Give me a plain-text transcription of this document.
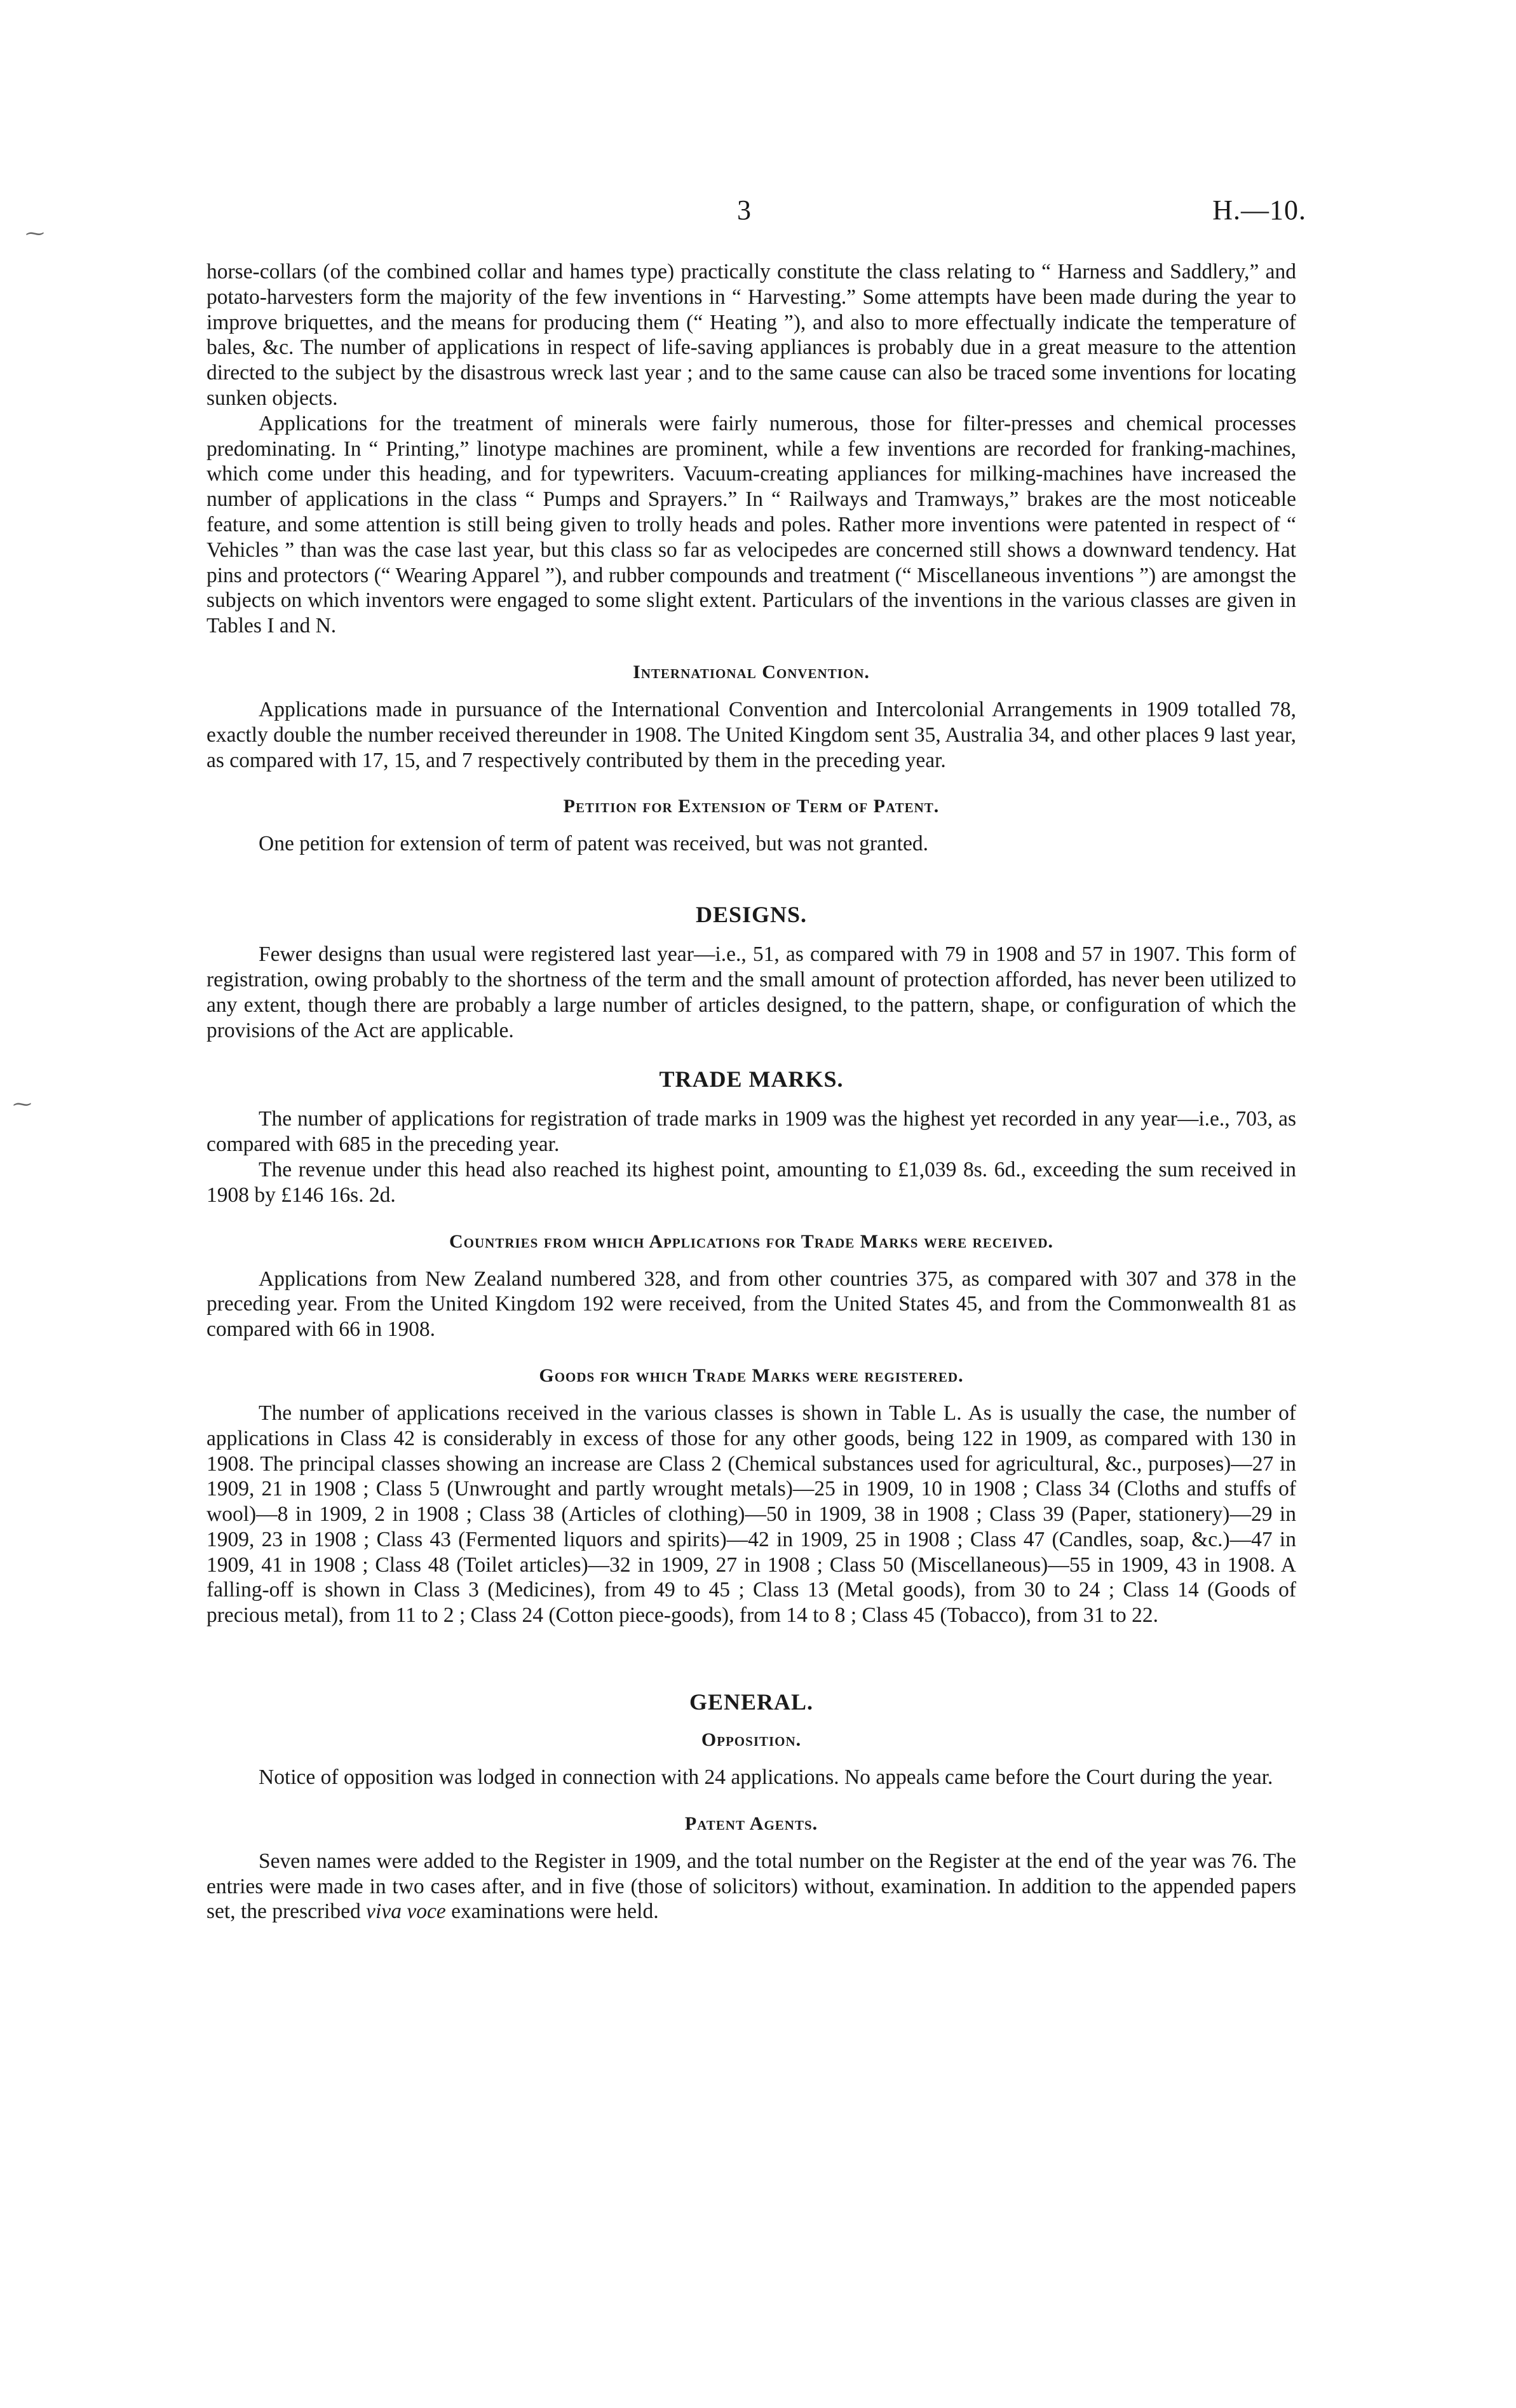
3	H.—10.
⁓
⁓

horse-collars (of the combined collar and hames type) practically constitute the class relating to “ Harness and Saddlery,” and potato-harvesters form the majority of the few inventions in “ Harvesting.” Some attempts have been made during the year to improve briquettes, and the means for producing them (“ Heating ”), and also to more effectually indicate the temperature of bales, &c. The number of applications in respect of life-saving appliances is probably due in a great measure to the attention directed to the subject by the disastrous wreck last year ; and to the same cause can also be traced some inventions for locating sunken objects.

Applications for the treatment of minerals were fairly numerous, those for filter-presses and chemical processes predominating. In “ Printing,” linotype machines are prominent, while a few inventions are recorded for franking-machines, which come under this heading, and for typewriters. Vacuum-creating appliances for milking-machines have increased the number of applications in the class “ Pumps and Sprayers.” In “ Railways and Tramways,” brakes are the most noticeable feature, and some attention is still being given to trolly heads and poles. Rather more inventions were patented in respect of “ Vehicles ” than was the case last year, but this class so far as velocipedes are concerned still shows a downward tendency. Hat pins and protectors (“ Wearing Apparel ”), and rubber compounds and treatment (“ Miscellaneous inventions ”) are amongst the subjects on which inventors were engaged to some slight extent. Particulars of the inventions in the various classes are given in Tables I and N.

International Convention.

Applications made in pursuance of the International Convention and Intercolonial Arrangements in 1909 totalled 78, exactly double the number received thereunder in 1908. The United Kingdom sent 35, Australia 34, and other places 9 last year, as compared with 17, 15, and 7 respectively contributed by them in the preceding year.

Petition for Extension of Term of Patent.

One petition for extension of term of patent was received, but was not granted.

DESIGNS.

Fewer designs than usual were registered last year—i.e., 51, as compared with 79 in 1908 and 57 in 1907. This form of registration, owing probably to the shortness of the term and the small amount of protection afforded, has never been utilized to any extent, though there are probably a large number of articles designed, to the pattern, shape, or configuration of which the provisions of the Act are applicable.

TRADE MARKS.

The number of applications for registration of trade marks in 1909 was the highest yet recorded in any year—i.e., 703, as compared with 685 in the preceding year.

The revenue under this head also reached its highest point, amounting to £1,039 8s. 6d., exceeding the sum received in 1908 by £146 16s. 2d.

Countries from which Applications for Trade Marks were received.

Applications from New Zealand numbered 328, and from other countries 375, as compared with 307 and 378 in the preceding year. From the United Kingdom 192 were received, from the United States 45, and from the Commonwealth 81 as compared with 66 in 1908.

Goods for which Trade Marks were registered.

The number of applications received in the various classes is shown in Table L. As is usually the case, the number of applications in Class 42 is considerably in excess of those for any other goods, being 122 in 1909, as compared with 130 in 1908. The principal classes showing an increase are Class 2 (Chemical substances used for agricultural, &c., purposes)—27 in 1909, 21 in 1908 ; Class 5 (Unwrought and partly wrought metals)—25 in 1909, 10 in 1908 ; Class 34 (Cloths and stuffs of wool)—8 in 1909, 2 in 1908 ; Class 38 (Articles of clothing)—50 in 1909, 38 in 1908 ; Class 39 (Paper, stationery)—29 in 1909, 23 in 1908 ; Class 43 (Fermented liquors and spirits)—42 in 1909, 25 in 1908 ; Class 47 (Candles, soap, &c.)—47 in 1909, 41 in 1908 ; Class 48 (Toilet articles)—32 in 1909, 27 in 1908 ; Class 50 (Miscellaneous)—55 in 1909, 43 in 1908. A falling-off is shown in Class 3 (Medicines), from 49 to 45 ; Class 13 (Metal goods), from 30 to 24 ; Class 14 (Goods of precious metal), from 11 to 2 ; Class 24 (Cotton piece-goods), from 14 to 8 ; Class 45 (Tobacco), from 31 to 22.

GENERAL.
Opposition.

Notice of opposition was lodged in connection with 24 applications. No appeals came before the Court during the year.

Patent Agents.

Seven names were added to the Register in 1909, and the total number on the Register at the end of the year was 76. The entries were made in two cases after, and in five (those of solicitors) without, examination. In addition to the appended papers set, the prescribed viva voce examinations were held.
